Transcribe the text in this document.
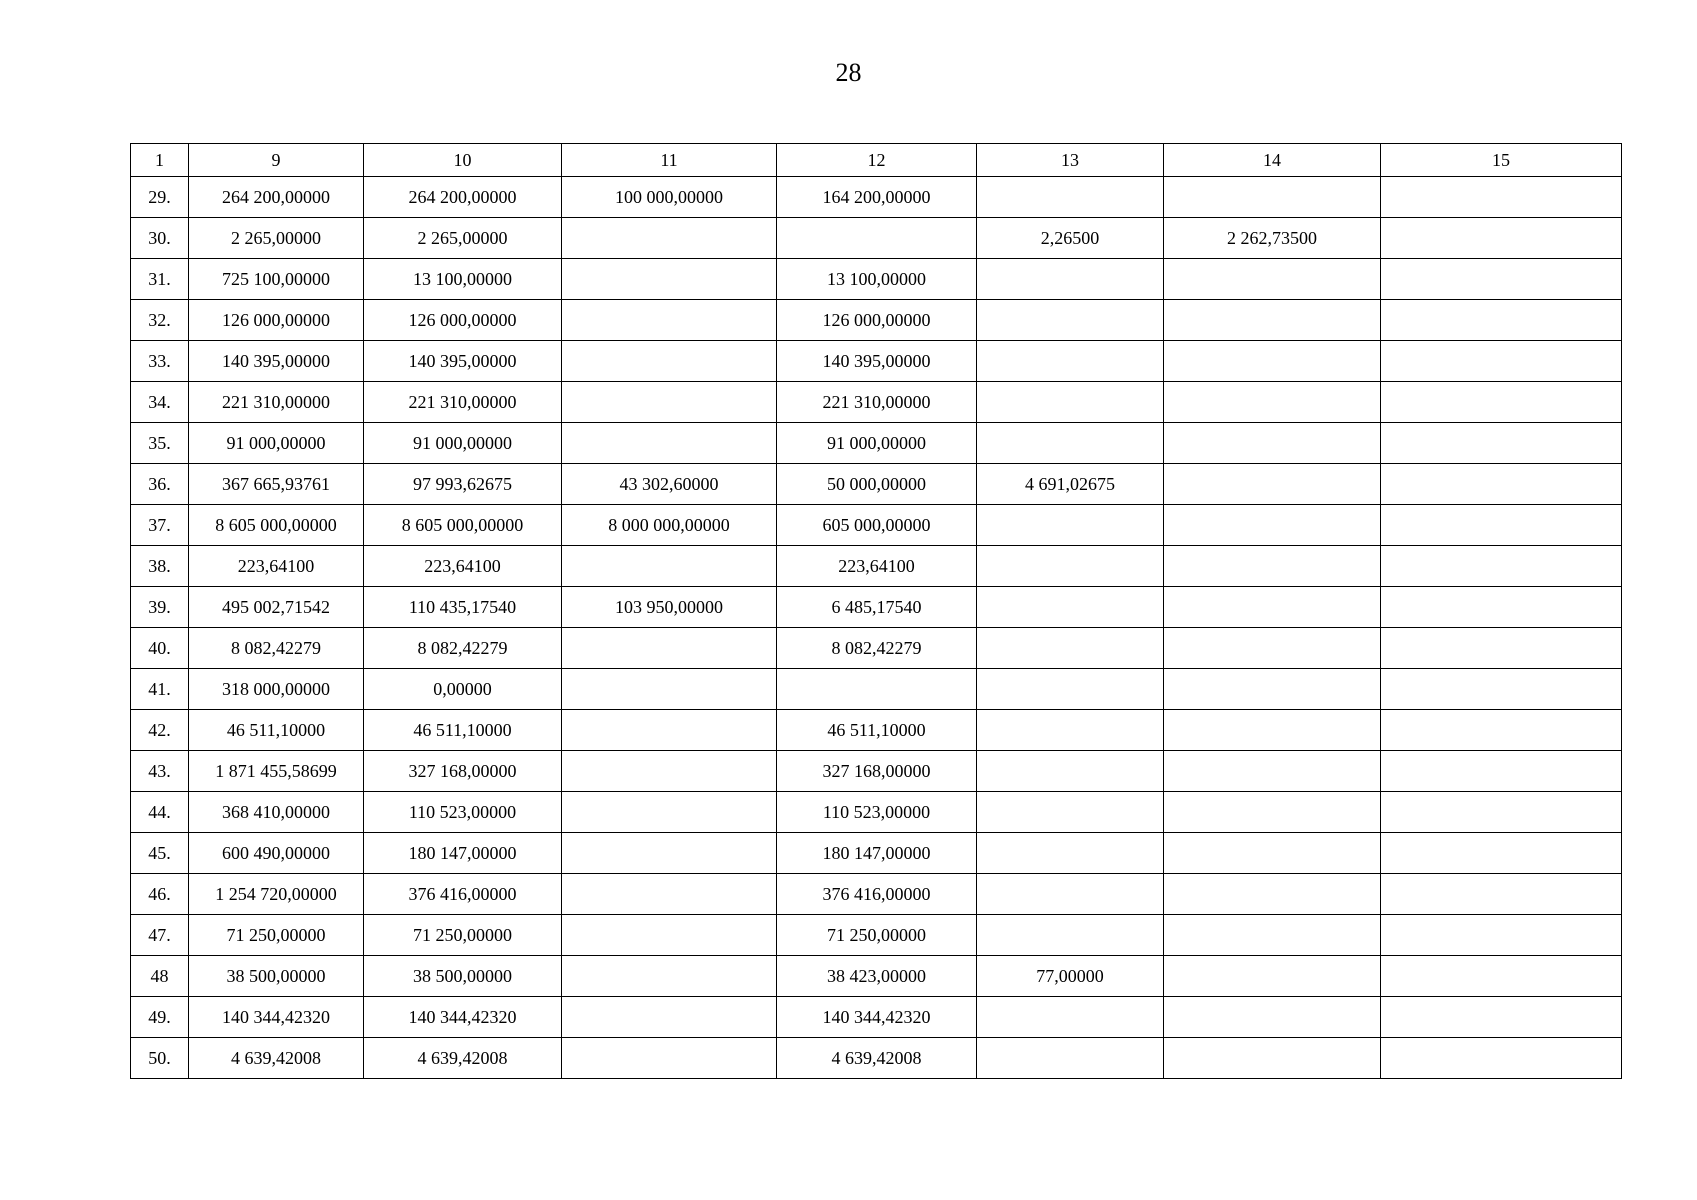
28
1	9	10	11	12	13	14	15
29.	264 200,00000	264 200,00000	100 000,00000	164 200,00000			
30.	2 265,00000	2 265,00000			2,26500	2 262,73500	
31.	725 100,00000	13 100,00000		13 100,00000			
32.	126 000,00000	126 000,00000		126 000,00000			
33.	140 395,00000	140 395,00000		140 395,00000			
34.	221 310,00000	221 310,00000		221 310,00000			
35.	91 000,00000	91 000,00000		91 000,00000			
36.	367 665,93761	97 993,62675	43 302,60000	50 000,00000	4 691,02675		
37.	8 605 000,00000	8 605 000,00000	8 000 000,00000	605 000,00000			
38.	223,64100	223,64100		223,64100			
39.	495 002,71542	110 435,17540	103 950,00000	6 485,17540			
40.	8 082,42279	8 082,42279		8 082,42279			
41.	318 000,00000	0,00000					
42.	46 511,10000	46 511,10000		46 511,10000			
43.	1 871 455,58699	327 168,00000		327 168,00000			
44.	368 410,00000	110 523,00000		110 523,00000			
45.	600 490,00000	180 147,00000		180 147,00000			
46.	1 254 720,00000	376 416,00000		376 416,00000			
47.	71 250,00000	71 250,00000		71 250,00000			
48	38 500,00000	38 500,00000		38 423,00000	77,00000		
49.	140 344,42320	140 344,42320		140 344,42320			
50.	4 639,42008	4 639,42008		4 639,42008			
